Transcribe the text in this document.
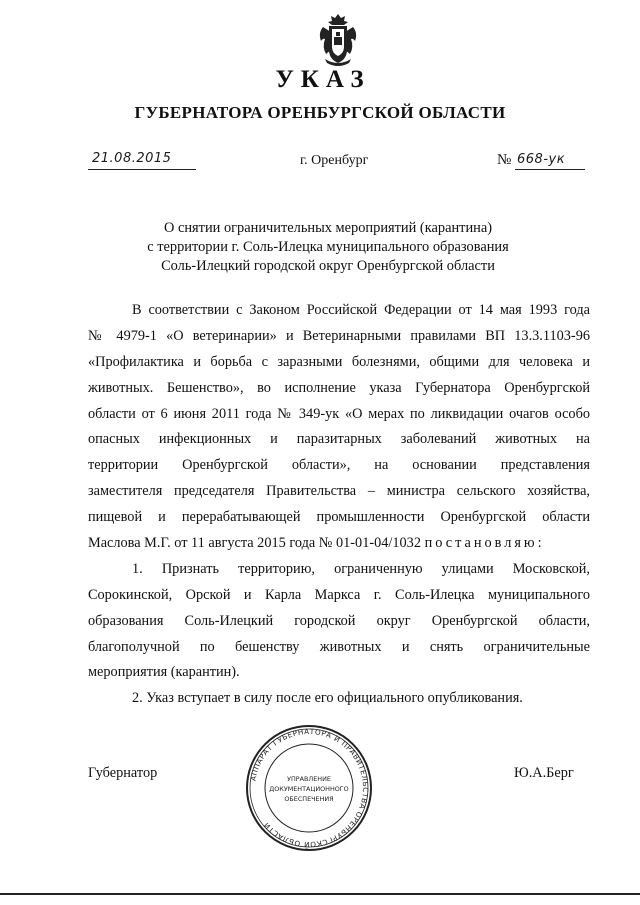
УКАЗ
ГУБЕРНАТОРА ОРЕНБУРГСКОЙ ОБЛАСТИ
21.08.2015	г. Оренбург	№ 668-ук
О снятии ограничительных мероприятий (карантина)
с территории г. Соль-Илецка муниципального образования
Соль-Илецкий городской округ Оренбургской области
В соответствии с Законом Российской Федерации от 14 мая 1993 года
№ 4979-1 «О ветеринарии» и Ветеринарными правилами ВП 13.3.1103-96
«Профилактика и борьба с заразными болезнями, общими для человека и
животных. Бешенство», во исполнение указа Губернатора Оренбургской
области от 6 июня 2011 года № 349-ук «О мерах по ликвидации очагов особо
опасных инфекционных и паразитарных заболеваний животных на
территории Оренбургской области», на основании представления
заместителя председателя Правительства – министра сельского хозяйства,
пищевой и перерабатывающей промышленности Оренбургской области
Маслова М.Г. от 11 августа 2015 года № 01-01-04/1032 постановляю:
1. Признать территорию, ограниченную улицами Московской,
Сорокинской, Орской и Карла Маркса г. Соль-Илецка муниципального
образования Соль-Илецкий городской округ Оренбургской области,
благополучной по бешенству животных и снять ограничительные
мероприятия (карантин).
2. Указ вступает в силу после его официального опубликования.
Губернатор	Ю.А.Берг
АППАРАТ ГУБЕРНАТОРА И ПРАВИТЕЛЬСТВА ОРЕНБУРГСКОЙ ОБЛАСТИ
УПРАВЛЕНИЕ
ДОКУМЕНТАЦИОННОГО
ОБЕСПЕЧЕНИЯ
